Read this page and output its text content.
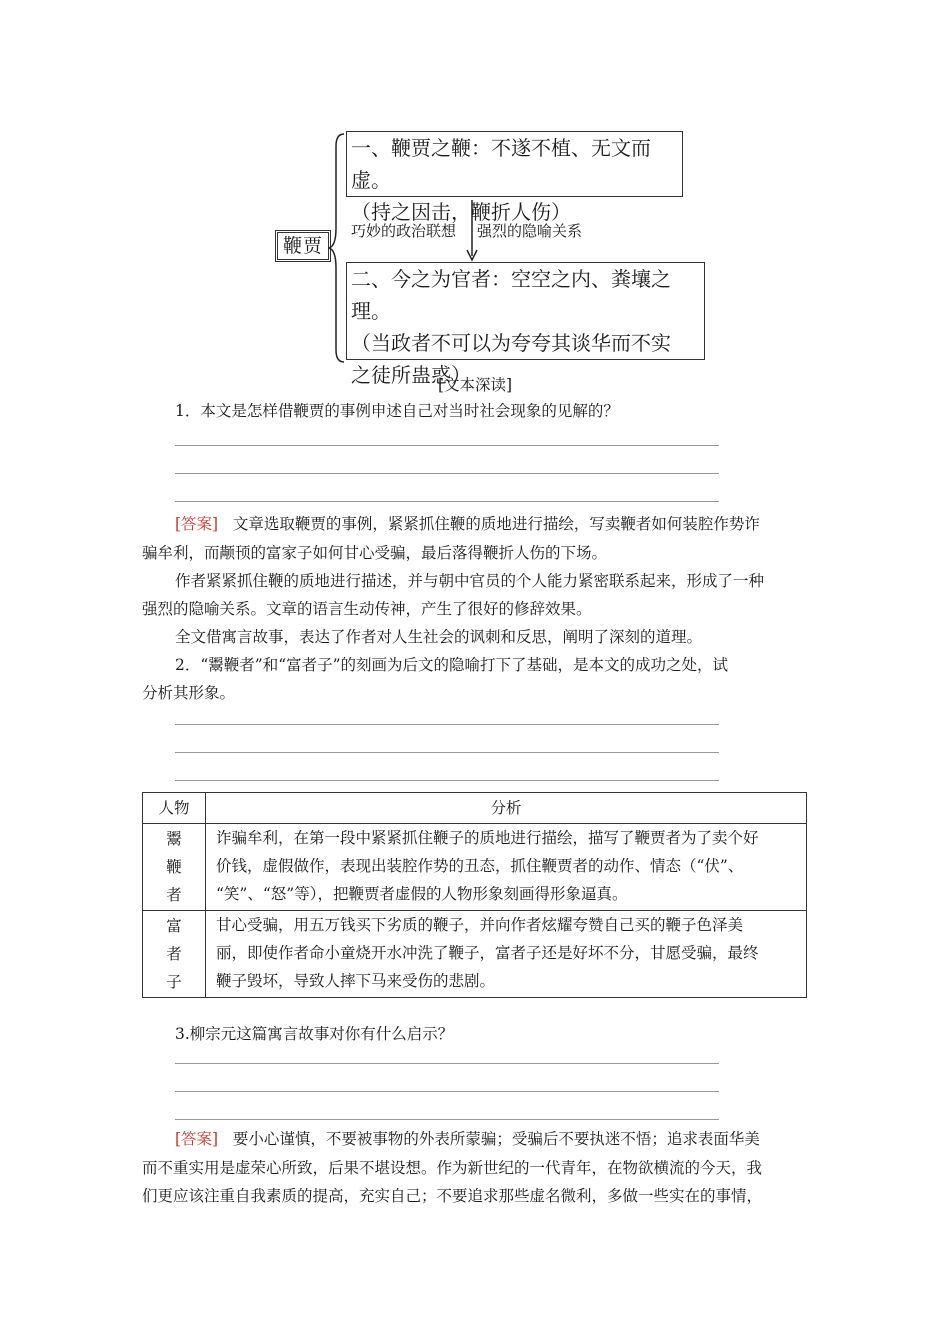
鞭贾
一、鞭贾之鞭：不遂不植、无文而虚。
（持之因击，鞭折人伤）
巧妙的政治联想 强烈的隐喻关系
二、今之为官者：空空之内、粪壤之理。
（当政者不可以为夸夸其谈华而不实
之徒所蛊惑）
[文本深读]
1．本文是怎样借鞭贾的事例申述自己对当时社会现象的见解的？
[答案] 文章选取鞭贾的事例，紧紧抓住鞭的质地进行描绘，写卖鞭者如何装腔作势诈
骗牟利，而颟顸的富家子如何甘心受骗，最后落得鞭折人伤的下场。
作者紧紧抓住鞭的质地进行描述，并与朝中官员的个人能力紧密联系起来，形成了一种
强烈的隐喻关系。文章的语言生动传神，产生了很好的修辞效果。
全文借寓言故事，表达了作者对人生社会的讽刺和反思，阐明了深刻的道理。
2．“鬻鞭者”和“富者子”的刻画为后文的隐喻打下了基础，是本文的成功之处，试
分析其形象。
人物	分析
鬻鞭者	诈骗牟利，在第一段中紧紧抓住鞭子的质地进行描绘，描写了鞭贾者为了卖个好
价钱，虚假做作，表现出装腔作势的丑态，抓住鞭贾者的动作、情态（“伏”、
“笑”、“怒”等），把鞭贾者虚假的人物形象刻画得形象逼真。

富者子	甘心受骗，用五万钱买下劣质的鞭子，并向作者炫耀夸赞自己买的鞭子色泽美
丽，即使作者命小童烧开水冲洗了鞭子，富者子还是好坏不分，甘愿受骗，最终
鞭子毁坏，导致人摔下马来受伤的悲剧。
3.柳宗元这篇寓言故事对你有什么启示？
[答案] 要小心谨慎，不要被事物的外表所蒙骗；受骗后不要执迷不悟；追求表面华美
而不重实用是虚荣心所致，后果不堪设想。作为新世纪的一代青年，在物欲横流的今天，我
们更应该注重自我素质的提高，充实自己；不要追求那些虚名微利，多做一些实在的事情，
